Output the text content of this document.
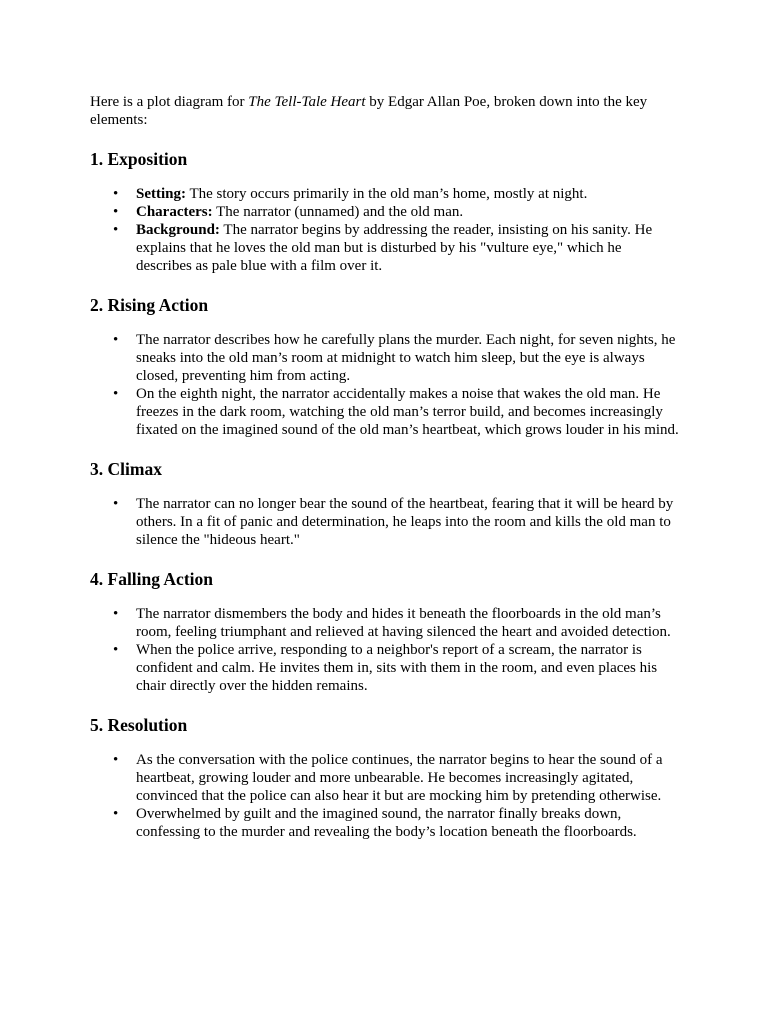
Here is a plot diagram for The Tell-Tale Heart by Edgar Allan Poe, broken down into the key elements:

1. Exposition
• Setting: The story occurs primarily in the old man’s home, mostly at night.
• Characters: The narrator (unnamed) and the old man.
• Background: The narrator begins by addressing the reader, insisting on his sanity. He explains that he loves the old man but is disturbed by his "vulture eye," which he describes as pale blue with a film over it.
2. Rising Action
• The narrator describes how he carefully plans the murder. Each night, for seven nights, he sneaks into the old man’s room at midnight to watch him sleep, but the eye is always closed, preventing him from acting.
• On the eighth night, the narrator accidentally makes a noise that wakes the old man. He freezes in the dark room, watching the old man’s terror build, and becomes increasingly fixated on the imagined sound of the old man’s heartbeat, which grows louder in his mind.
3. Climax
• The narrator can no longer bear the sound of the heartbeat, fearing that it will be heard by others. In a fit of panic and determination, he leaps into the room and kills the old man to silence the "hideous heart."
4. Falling Action
• The narrator dismembers the body and hides it beneath the floorboards in the old man’s room, feeling triumphant and relieved at having silenced the heart and avoided detection.
• When the police arrive, responding to a neighbor's report of a scream, the narrator is confident and calm. He invites them in, sits with them in the room, and even places his chair directly over the hidden remains.
5. Resolution
• As the conversation with the police continues, the narrator begins to hear the sound of a heartbeat, growing louder and more unbearable. He becomes increasingly agitated, convinced that the police can also hear it but are mocking him by pretending otherwise.
• Overwhelmed by guilt and the imagined sound, the narrator finally breaks down, confessing to the murder and revealing the body’s location beneath the floorboards.
